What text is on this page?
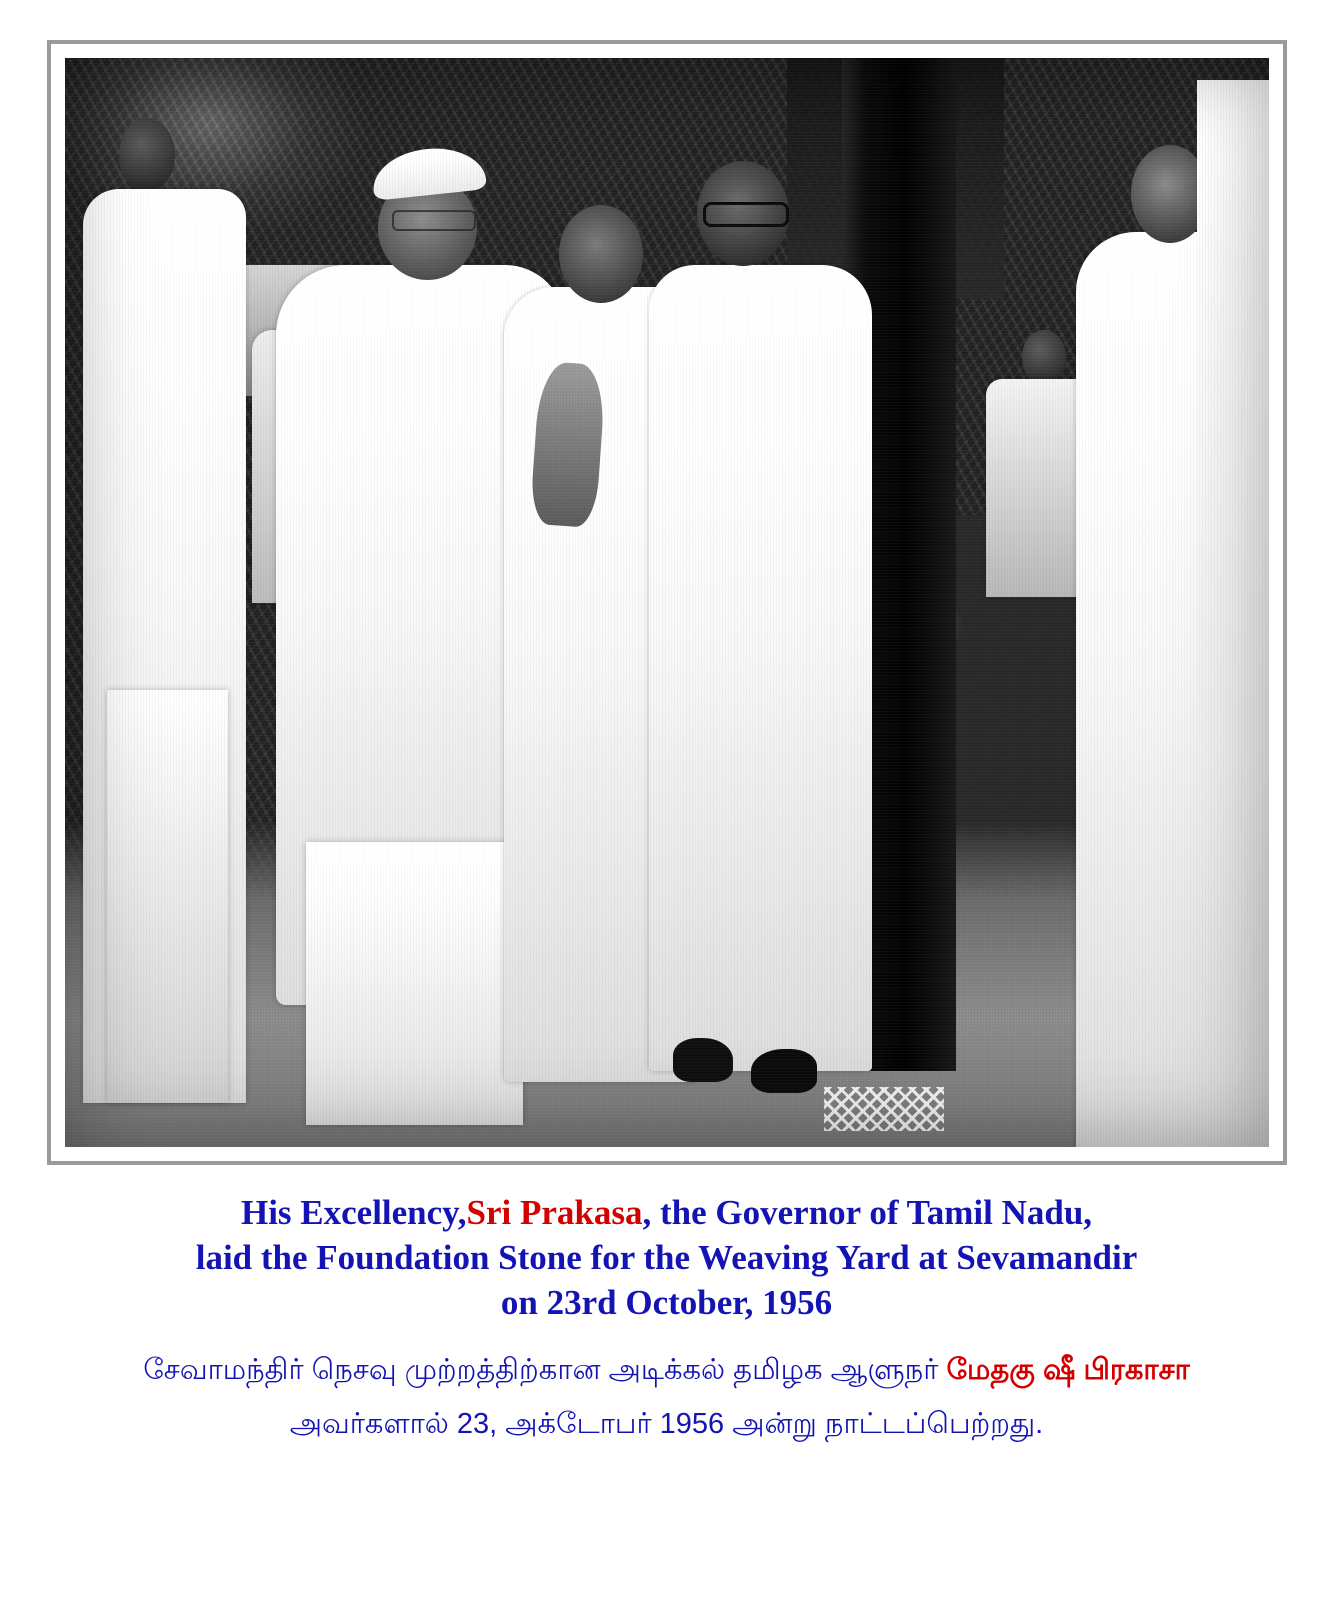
His Excellency,Sri Prakasa, the Governor of Tamil Nadu,
laid the Foundation Stone for the Weaving Yard at Sevamandir
on 23rd October, 1956
சேவாமந்திர் நெசவு முற்றத்திற்கான அடிக்கல் தமிழக ஆளுநர் மேதகு ஷீ பிரகாசா
அவர்களால் 23, அக்டோபர் 1956 அன்று நாட்டப்பெற்றது.
